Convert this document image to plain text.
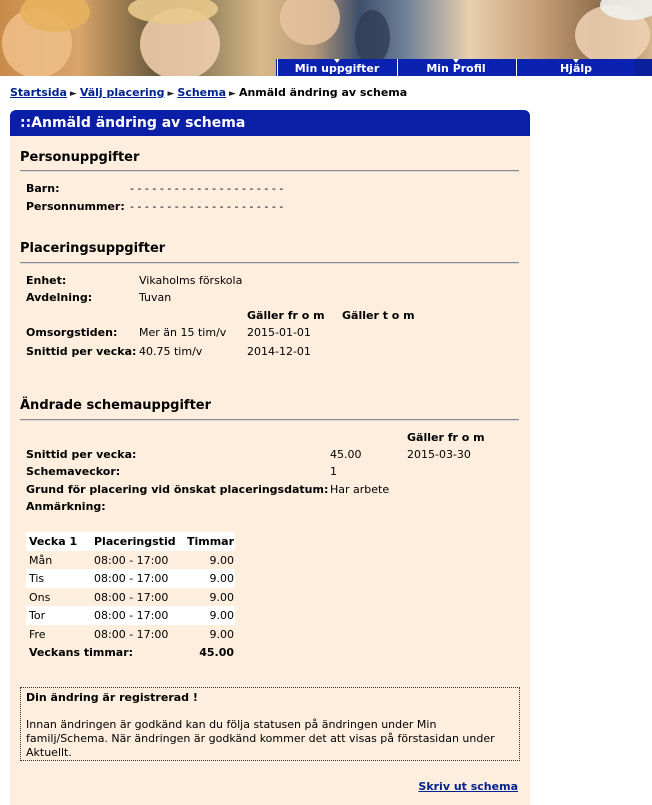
Min uppgifter	Min Profil	Hjälp
Startsida ► Välj placering ► Schema ► Anmäld ändring av schema
::Anmäld ändring av schema
Personuppgifter
Barn:	- - - - - - - - - - - - - - - - - - - - -
Personnummer: - - - - - - - - - - - - - - - - - - - - -
Placeringsuppgifter
Enhet:	Vikaholms förskola
Avdelning:	Tuvan
Gäller fr o m Gäller t o m
Omsorgstiden: Mer än 15 tim/v 2015-01-01
Snittid per vecka: 40.75 tim/v	2014-12-01
Ändrade schemauppgifter
Gäller fr o m
Snittid per vecka:	45.00	2015-03-30
Schemaveckor:	1
Grund för placering vid önskat placeringsdatum: Har arbete
Anmärkning:
Vecka 1 Placeringstid Timmar
Mån	08:00 - 17:00	9.00
Tis	08:00 - 17:00	9.00
Ons	08:00 - 17:00	9.00
Tor	08:00 - 17:00	9.00
Fre	08:00 - 17:00	9.00
Veckans timmar:	45.00
Din ändring är registrerad !
Innan ändringen är godkänd kan du följa statusen på ändringen under Min familj/Schema. När ändringen är godkänd kommer det att visas på förstasidan under Aktuellt.
Skriv ut schema
